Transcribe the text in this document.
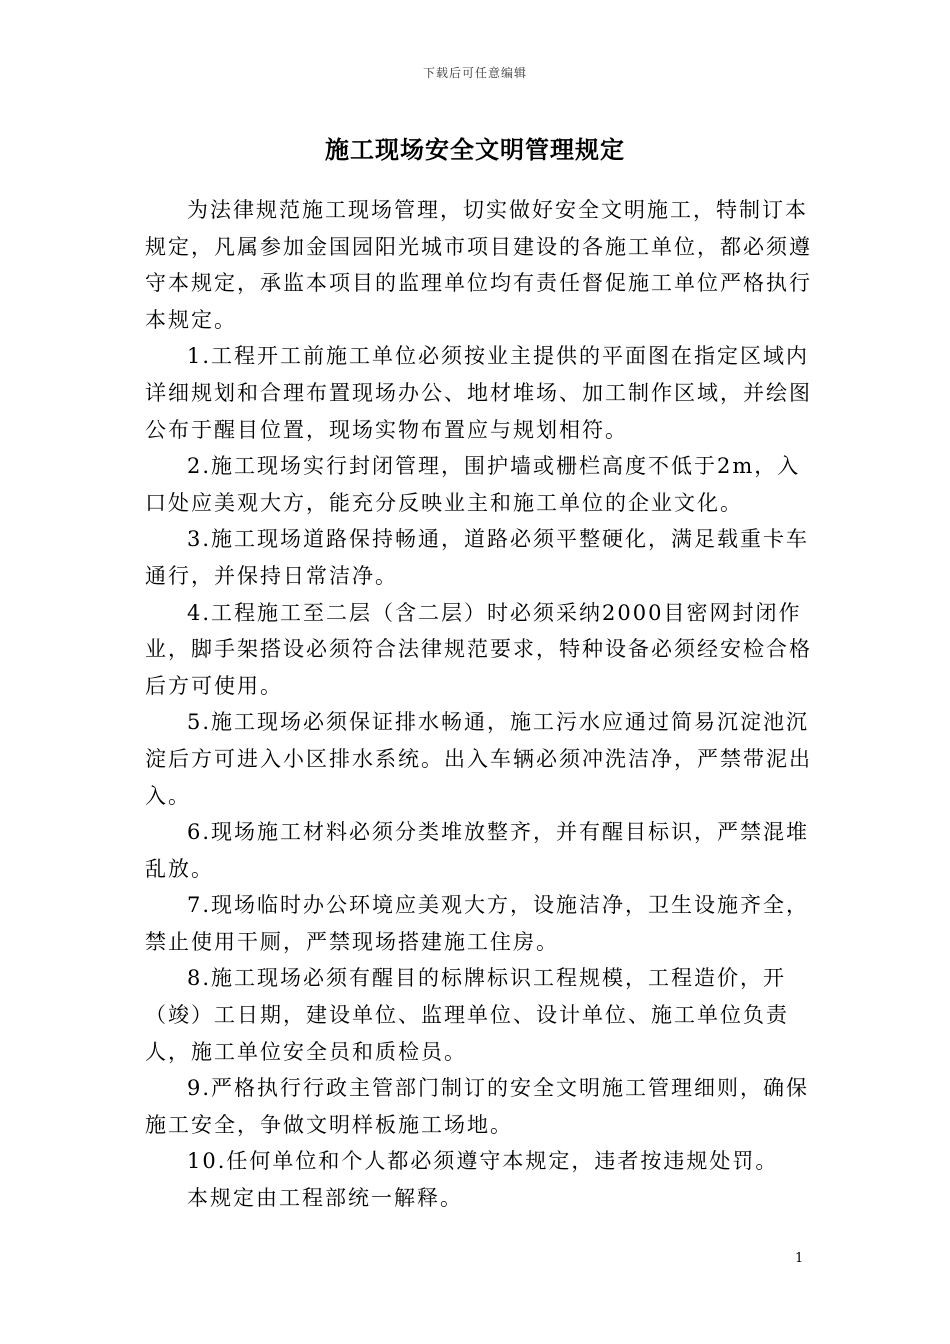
下载后可任意编辑
施工现场安全文明管理规定

为法律规范施工现场管理，切实做好安全文明施工，特制订本规定，凡属参加金国园阳光城市项目建设的各施工单位，都必须遵守本规定，承监本项目的监理单位均有责任督促施工单位严格执行本规定。

1.工程开工前施工单位必须按业主提供的平面图在指定区域内详细规划和合理布置现场办公、地材堆场、加工制作区域，并绘图公布于醒目位置，现场实物布置应与规划相符。

2.施工现场实行封闭管理，围护墙或栅栏高度不低于2m，入口处应美观大方，能充分反映业主和施工单位的企业文化。

3.施工现场道路保持畅通，道路必须平整硬化，满足载重卡车通行，并保持日常洁净。

4.工程施工至二层（含二层）时必须采纳2000目密网封闭作业，脚手架搭设必须符合法律规范要求，特种设备必须经安检合格后方可使用。

5.施工现场必须保证排水畅通，施工污水应通过简易沉淀池沉淀后方可进入小区排水系统。出入车辆必须冲洗洁净，严禁带泥出入。

6.现场施工材料必须分类堆放整齐，并有醒目标识，严禁混堆乱放。

7.现场临时办公环境应美观大方，设施洁净，卫生设施齐全，禁止使用干厕，严禁现场搭建施工住房。

8.施工现场必须有醒目的标牌标识工程规模，工程造价，开（竣）工日期，建设单位、监理单位、设计单位、施工单位负责人，施工单位安全员和质检员。

9.严格执行行政主管部门制订的安全文明施工管理细则，确保施工安全，争做文明样板施工场地。

10.任何单位和个人都必须遵守本规定，违者按违规处罚。

本规定由工程部统一解释。

1
